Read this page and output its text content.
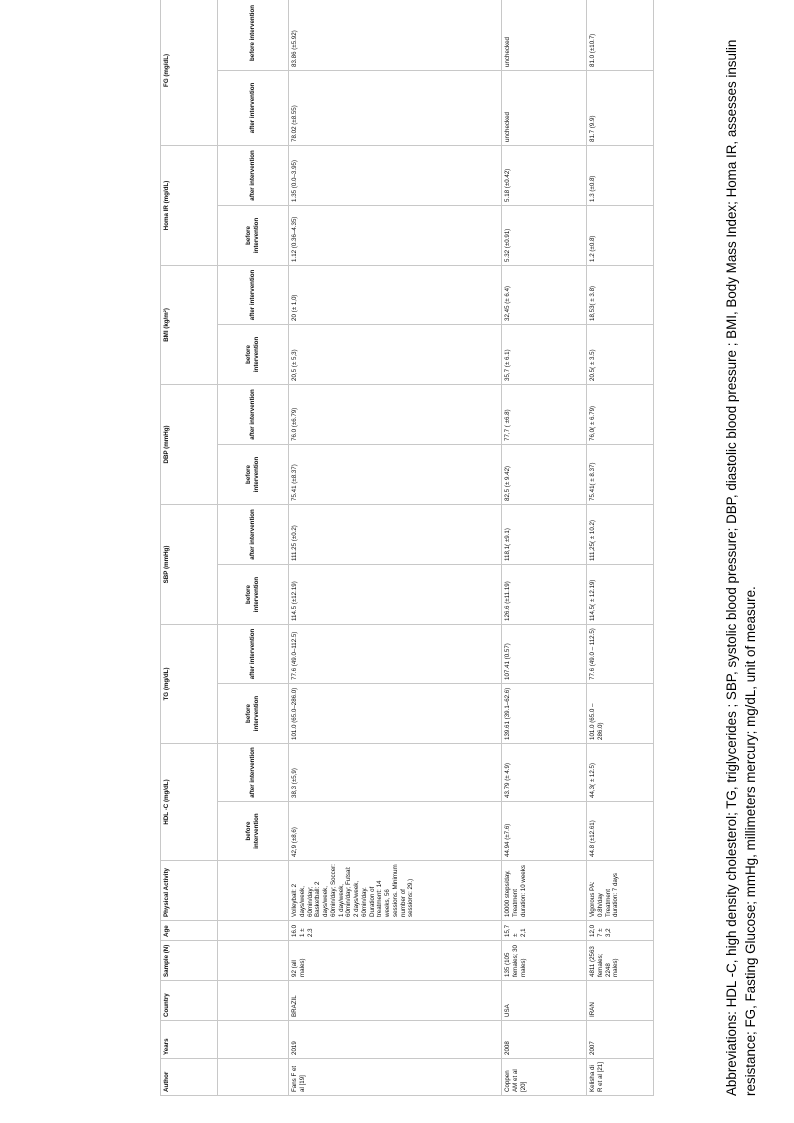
Author	Years	Country	Sample (N)	Age	Physical Activity	HDL -C (mg/dL)		TG (mg/dL)		SBP (mmHg)		DBP (mmHg)		BMI (kg/m²)		Homa IR (mg/dL)		FG (mg/dL)	
						before intervention	after intervention	before intervention	after intervention	before intervention	after intervention	before intervention	after intervention	before intervention	after intervention	before intervention	after intervention	after intervention	before intervention
Fans F et al [19]	2019	BRAZIL	92 (all males)	16.0 1 ± 2.3	Volleyball: 2 days/week, 60min/day; Basketball: 2 days/week, 60min/day; Soccer: 1 day/week, 60min/day; Futsal: 2 days/week, 60min/day. Duration of treatment: 14 weeks, 56 sessions. Minimum number of sessions: 29.)	42,9 (±8,6)	38,3 (±5,9)	101.0 (65.0–286.0)	77.6 (49.0–112.5)	114.5 (±12.19)	111.25 (±0.2)	75.41 (±8.37)	76.0 (±6.79)	20,5 (± 5,3)	20 (± 1,0)	1.12 (0.36–4.35)	1.35 (0.0–3.95)	78.02 (±8.55)	83.86 (±5.92)
Coppen AM et al [20]	2008	USA	135 (105 females; 30 males)	15,7 ± 2,1	10000 steps/day, Treatment duration: 10 weeks	44.94 (±7.6)	43.79 (± 4.9)	139.61 (39.1–62.6)	107.41 (0.57)	126.6 (±11.19)	118,1( ±9.1)	82,5 (± 9.42)	77,7 ( ±6.8)	35,7 (± 6.1)	32,45 (± 6.4)	5.32 (±0.91)	5.18 (±0.42)	unchecked	unchecked
Kelisha di R et al [21]	2007	IRAN	4811 (2563 females; 2248 males)	12,0 7 ± 3,2	Vigorous PA: 0.8h/day Treatment duration: 7 days	44.8 (±12.61)	44,3( ± 12.5)	101.0 (65.0 – 286.0)	77.6 (49.0 – 112.5)	114,5( ± 12.19)	111,25( ± 10.2)	75.41( ± 8.37)	76,0( ± 6.79)	20.5( ± 3.5)	18,53( ± 3.8)	1.2 (±0.8)	1.3 (±0.8)	81.7 (9.9)	81.0 (±10.7)	Abbreviations: HDL -C, high density cholesterol; TG, triglycerides ; SBP, systolic blood pressure; DBP, diastolic blood pressure ; BMI, Body Mass Index; Homa IR, assesses insulin resistance; FG, Fasting Glucose; mmHg, millimeters mercury; mg/dL, unit of measure.
